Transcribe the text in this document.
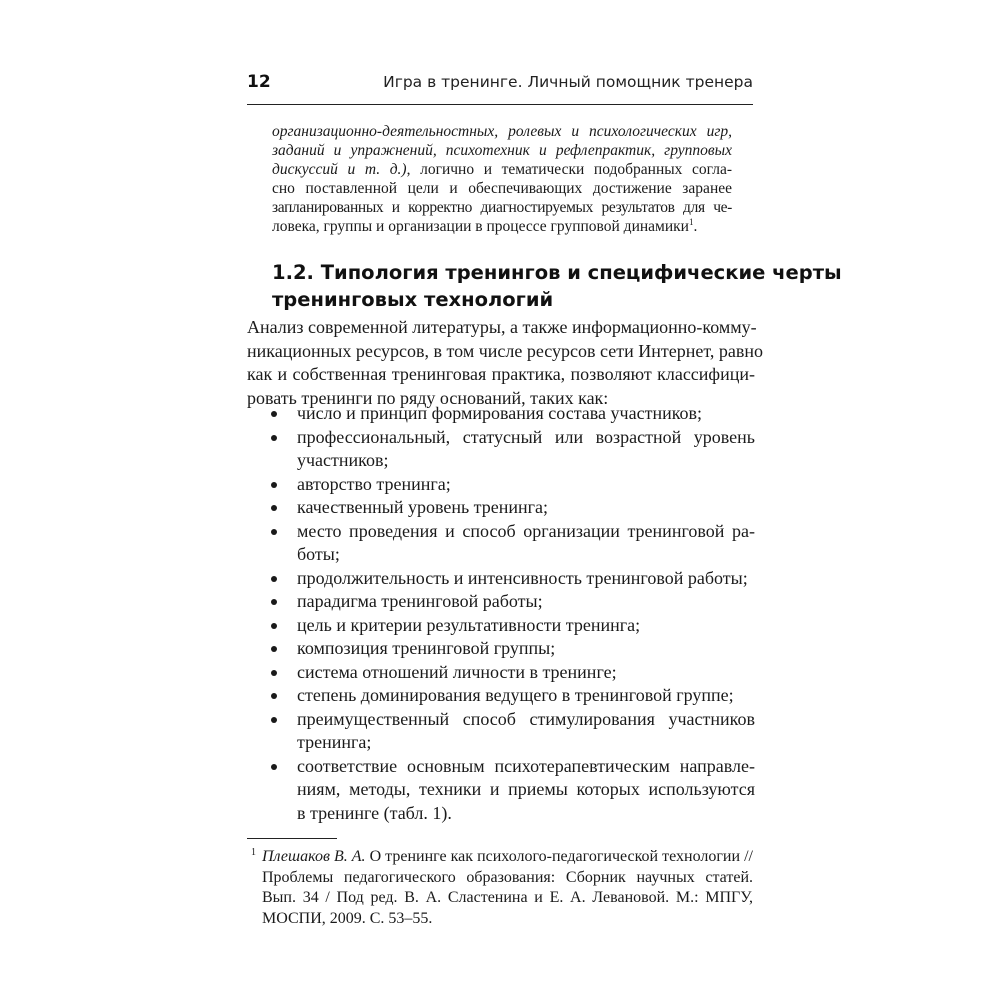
12	Игра в тренинге. Личный помощник тренера
организационно-деятельностных, ролевых и психологических игр,
заданий и упражнений, психотехник и рефлепрактик, групповых
дискуссий и т. д.), логично и тематически подобранных согла-
сно поставленной цели и обеспечивающих достижение заранее
запланированных и корректно диагностируемых результатов для че-
ловека, группы и организации в процессе групповой динамики$^1$.
1.2. Типология тренингов и специфические черты
тренинговых технологий
Анализ современной литературы, а также информационно-комму-
никационных ресурсов, в том числе ресурсов сети Интернет, равно
как и собственная тренинговая практика, позволяют классифици-
ровать тренинги по ряду оснований, таких как:
число и принцип формирования состава участников;
профессиональный, статусный или возрастной уровень
участников;
авторство тренинга;
качественный уровень тренинга;
место проведения и способ организации тренинговой ра-
боты;
продолжительность и интенсивность тренинговой работы;
парадигма тренинговой работы;
цель и критерии результативности тренинга;
композиция тренинговой группы;
система отношений личности в тренинге;
степень доминирования ведущего в тренинговой группе;
преимущественный способ стимулирования участников
тренинга;
соответствие основным психотерапевтическим направле-
ниям, методы, техники и приемы которых используются
в тренинге (табл. 1).
1 Плешаков В. А. О тренинге как психолого-педагогической технологии //
Проблемы педагогического образования: Сборник научных статей.
Вып. 34 / Под ред. В. А. Сластенина и Е. А. Левановой. М.: МПГУ,
МОСПИ, 2009. С. 53–55.
